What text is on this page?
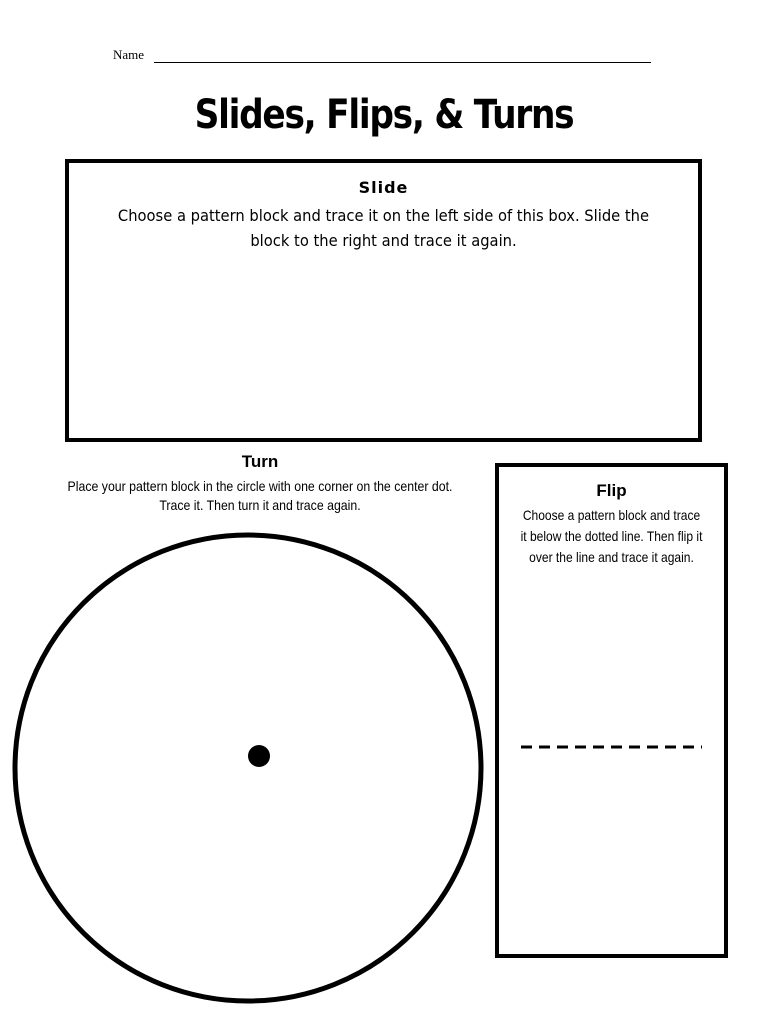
Name
Slides, Flips, & Turns
Slide
Choose a pattern block and trace it on the left side of this box. Slide the block to the right and trace it again.
Turn
Place your pattern block in the circle with one corner on the center dot. Trace it. Then turn it and trace again.
Flip
Choose a pattern block and trace it below the dotted line. Then flip it over the line and trace it again.
